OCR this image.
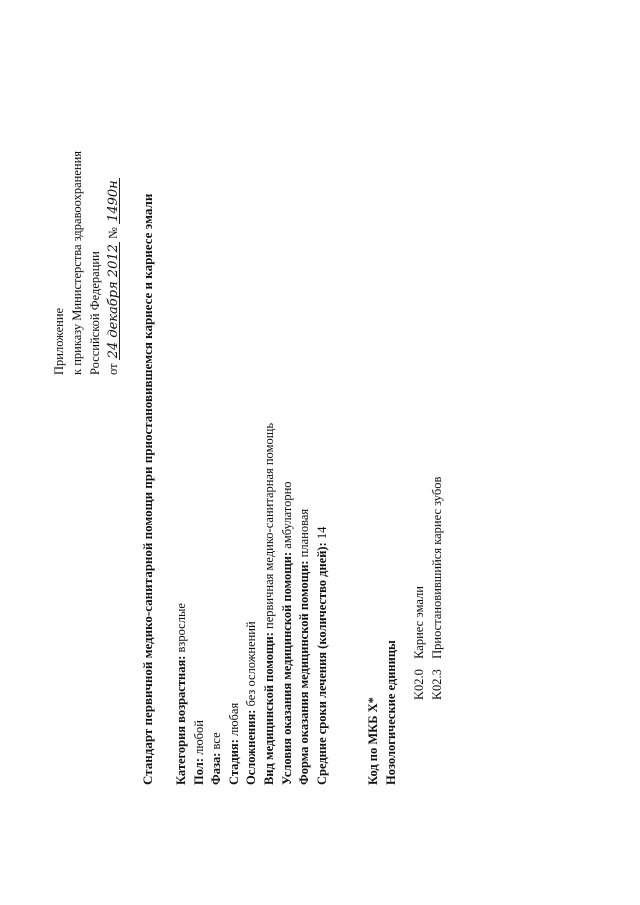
Приложение к приказу Министерства здравоохранения Российской Федерации от 24 декабря 2012 № 1490н Стандарт первичной медико-санитарной помощи при приостановившемся кариесе и кариесе эмали Категория возрастная: взрослые
Пол: любой
Фаза: все Стадия: любая Осложнения: без осложнений Вид медицинской помощи: первичная медико-санитарная помощь
Условия оказания медицинской помощи: амбулаторно
Форма оказания медицинской помощи: плановая
Средние сроки лечения (количество дней): 14
Код по МКБ X* Нозологические единицы K02.0 Кариес эмали
K02.3 Приостановившийся кариес зубов
